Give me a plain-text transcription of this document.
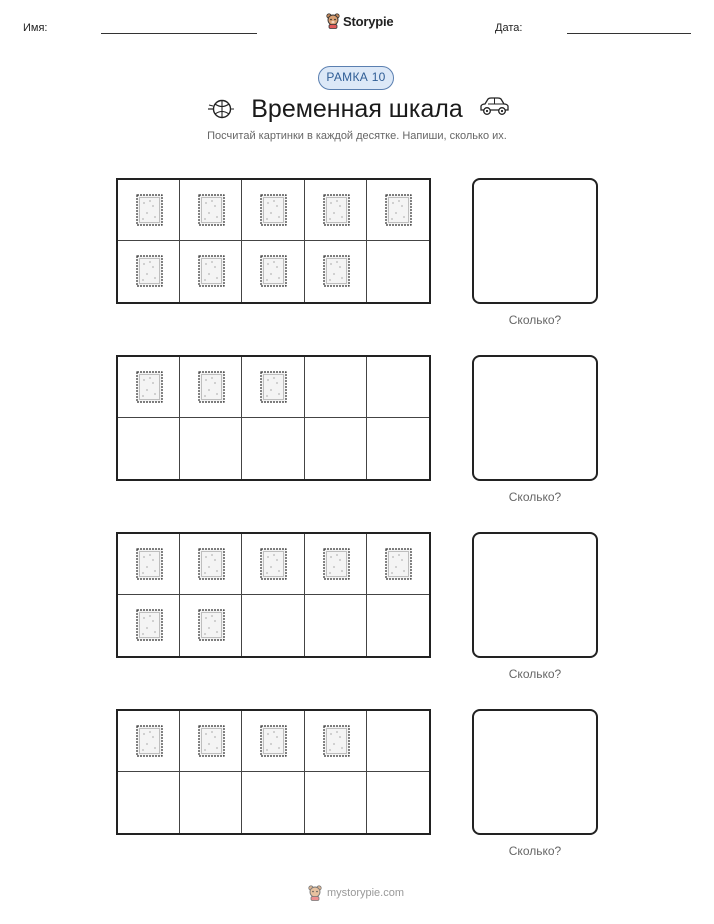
Имя:	Storypie	Дата:
РАМКА 10
Временная шкала
Посчитай картинки в каждой десятке. Напиши, сколько их.
Сколько?
Сколько?
Сколько?
Сколько?
mystorypie.com
